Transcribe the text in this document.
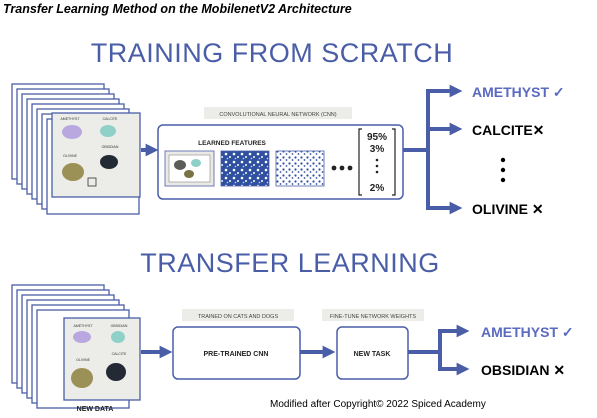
Transfer Learning Method on the MobilenetV2 Architecture
TRAINING FROM SCRATCH
AMETHYST	CALCITE
OLIVINE
OBSIDIAN
CONVOLUTIONAL NEURAL NETWORK (CNN)
LEARNED FEATURES
95%
3%
2%
AMETHYST ✓
CALCITE✕
OLIVINE ✕
TRANSFER LEARNING
AMETHYST	OBSIDIAN
OLIVINE
CALCITE
NEW DATA
TRAINED ON CATS AND DOGS
PRE-TRAINED CNN
FINE-TUNE NETWORK WEIGHTS
NEW TASK
AMETHYST ✓
OBSIDIAN ✕
Modified after Copyright© 2022 Spiced Academy
